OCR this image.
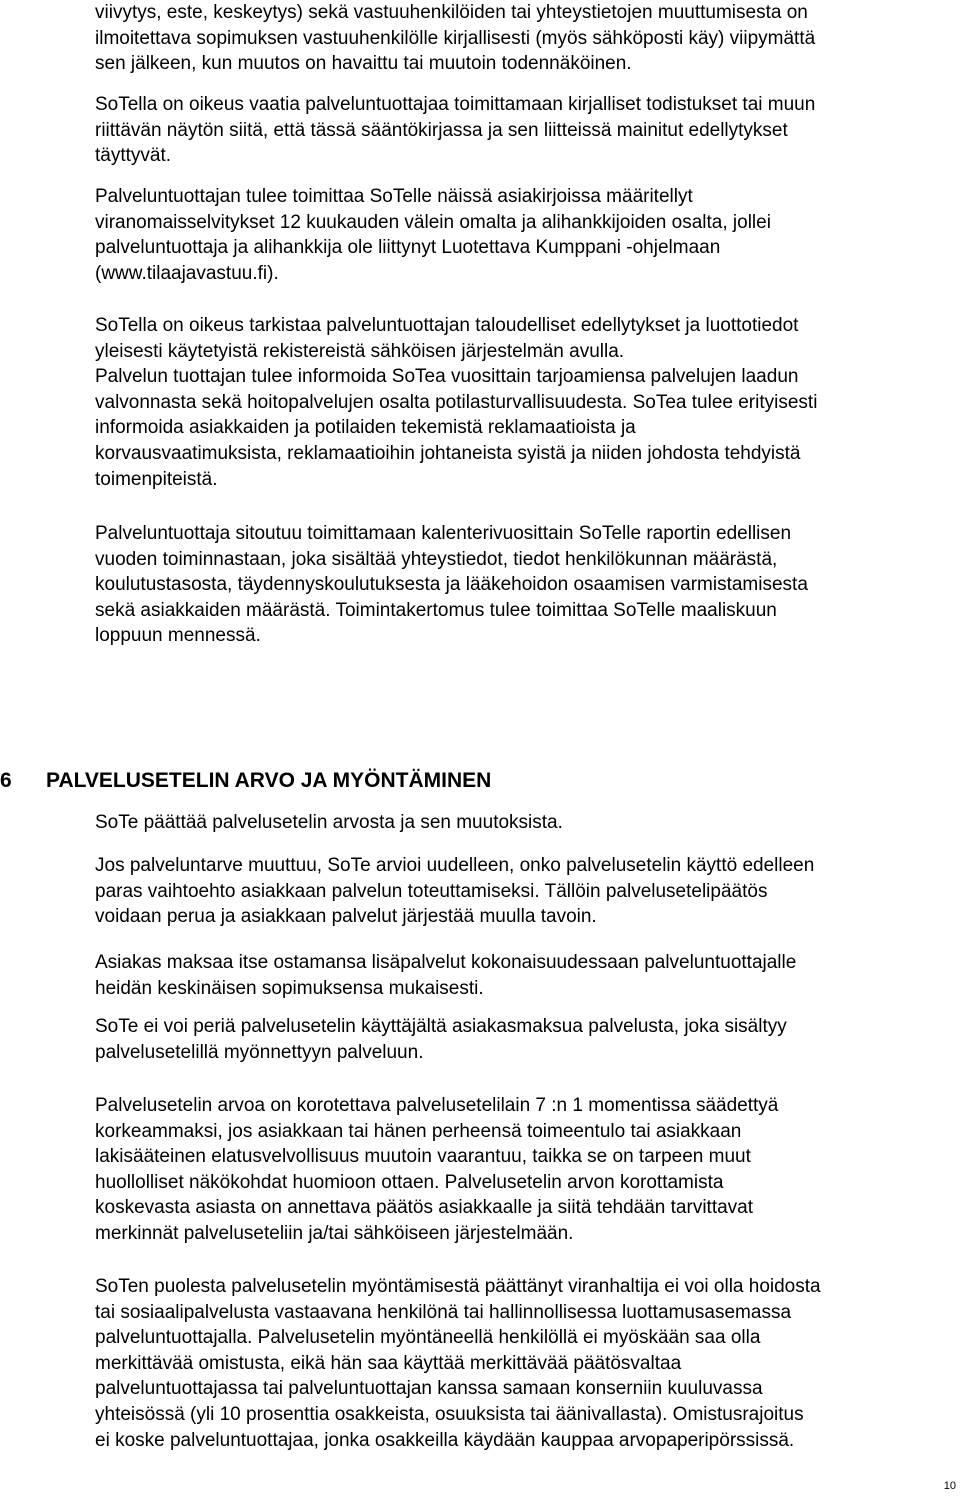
viivytys, este, keskeytys) sekä vastuuhenkilöiden tai yhteystietojen muuttumisesta on
ilmoitettava sopimuksen vastuuhenkilölle kirjallisesti (myös sähköposti käy) viipymättä
sen jälkeen, kun muutos on havaittu tai muutoin todennäköinen.
SoTella on oikeus vaatia palveluntuottajaa toimittamaan kirjalliset todistukset tai muun
riittävän näytön siitä, että tässä sääntökirjassa ja sen liitteissä mainitut edellytykset
täyttyvät.
Palveluntuottajan tulee toimittaa SoTelle näissä asiakirjoissa määritellyt
viranomaisselvitykset 12 kuukauden välein omalta ja alihankkijoiden osalta, jollei
palveluntuottaja ja alihankkija ole liittynyt Luotettava Kumppani -ohjelmaan
(www.tilaajavastuu.fi).
SoTella on oikeus tarkistaa palveluntuottajan taloudelliset edellytykset ja luottotiedot
yleisesti käytetyistä rekistereistä sähköisen järjestelmän avulla.
Palvelun tuottajan tulee informoida SoTea vuosittain tarjoamiensa palvelujen laadun
valvonnasta sekä hoitopalvelujen osalta potilasturvallisuudesta. SoTea tulee erityisesti
informoida asiakkaiden ja potilaiden tekemistä reklamaatioista ja
korvausvaatimuksista, reklamaatioihin johtaneista syistä ja niiden johdosta tehdyistä
toimenpiteistä.
Palveluntuottaja sitoutuu toimittamaan kalenterivuosittain SoTelle raportin edellisen
vuoden toiminnastaan, joka sisältää yhteystiedot, tiedot henkilökunnan määrästä,
koulutustasosta, täydennyskoulutuksesta ja lääkehoidon osaamisen varmistamisesta
sekä asiakkaiden määrästä. Toimintakertomus tulee toimittaa SoTelle maaliskuun
loppuun mennessä.
6 PALVELUSETELIN ARVO JA MYÖNTÄMINEN
SoTe päättää palvelusetelin arvosta ja sen muutoksista.
Jos palveluntarve muuttuu, SoTe arvioi uudelleen, onko palvelusetelin käyttö edelleen
paras vaihtoehto asiakkaan palvelun toteuttamiseksi. Tällöin palvelusetelipäätös
voidaan perua ja asiakkaan palvelut järjestää muulla tavoin.
Asiakas maksaa itse ostamansa lisäpalvelut kokonaisuudessaan palveluntuottajalle
heidän keskinäisen sopimuksensa mukaisesti.
SoTe ei voi periä palvelusetelin käyttäjältä asiakasmaksua palvelusta, joka sisältyy
palvelusetelillä myönnettyyn palveluun.
Palvelusetelin arvoa on korotettava palvelusetelilain 7 :n 1 momentissa säädettyä
korkeammaksi, jos asiakkaan tai hänen perheensä toimeentulo tai asiakkaan
lakisääteinen elatusvelvollisuus muutoin vaarantuu, taikka se on tarpeen muut
huollolliset näkökohdat huomioon ottaen. Palvelusetelin arvon korottamista
koskevasta asiasta on annettava päätös asiakkaalle ja siitä tehdään tarvittavat
merkinnät palveluseteliin ja/tai sähköiseen järjestelmään.
SoTen puolesta palvelusetelin myöntämisestä päättänyt viranhaltija ei voi olla hoidosta
tai sosiaalipalvelusta vastaavana henkilönä tai hallinnollisessa luottamusasemassa
palveluntuottajalla. Palvelusetelin myöntäneellä henkilöllä ei myöskään saa olla
merkittävää omistusta, eikä hän saa käyttää merkittävää päätösvaltaa
palveluntuottajassa tai palveluntuottajan kanssa samaan konserniin kuuluvassa
yhteisössä (yli 10 prosenttia osakkeista, osuuksista tai äänivallasta). Omistusrajoitus
ei koske palveluntuottajaa, jonka osakkeilla käydään kauppaa arvopaperipörssissä.
10
